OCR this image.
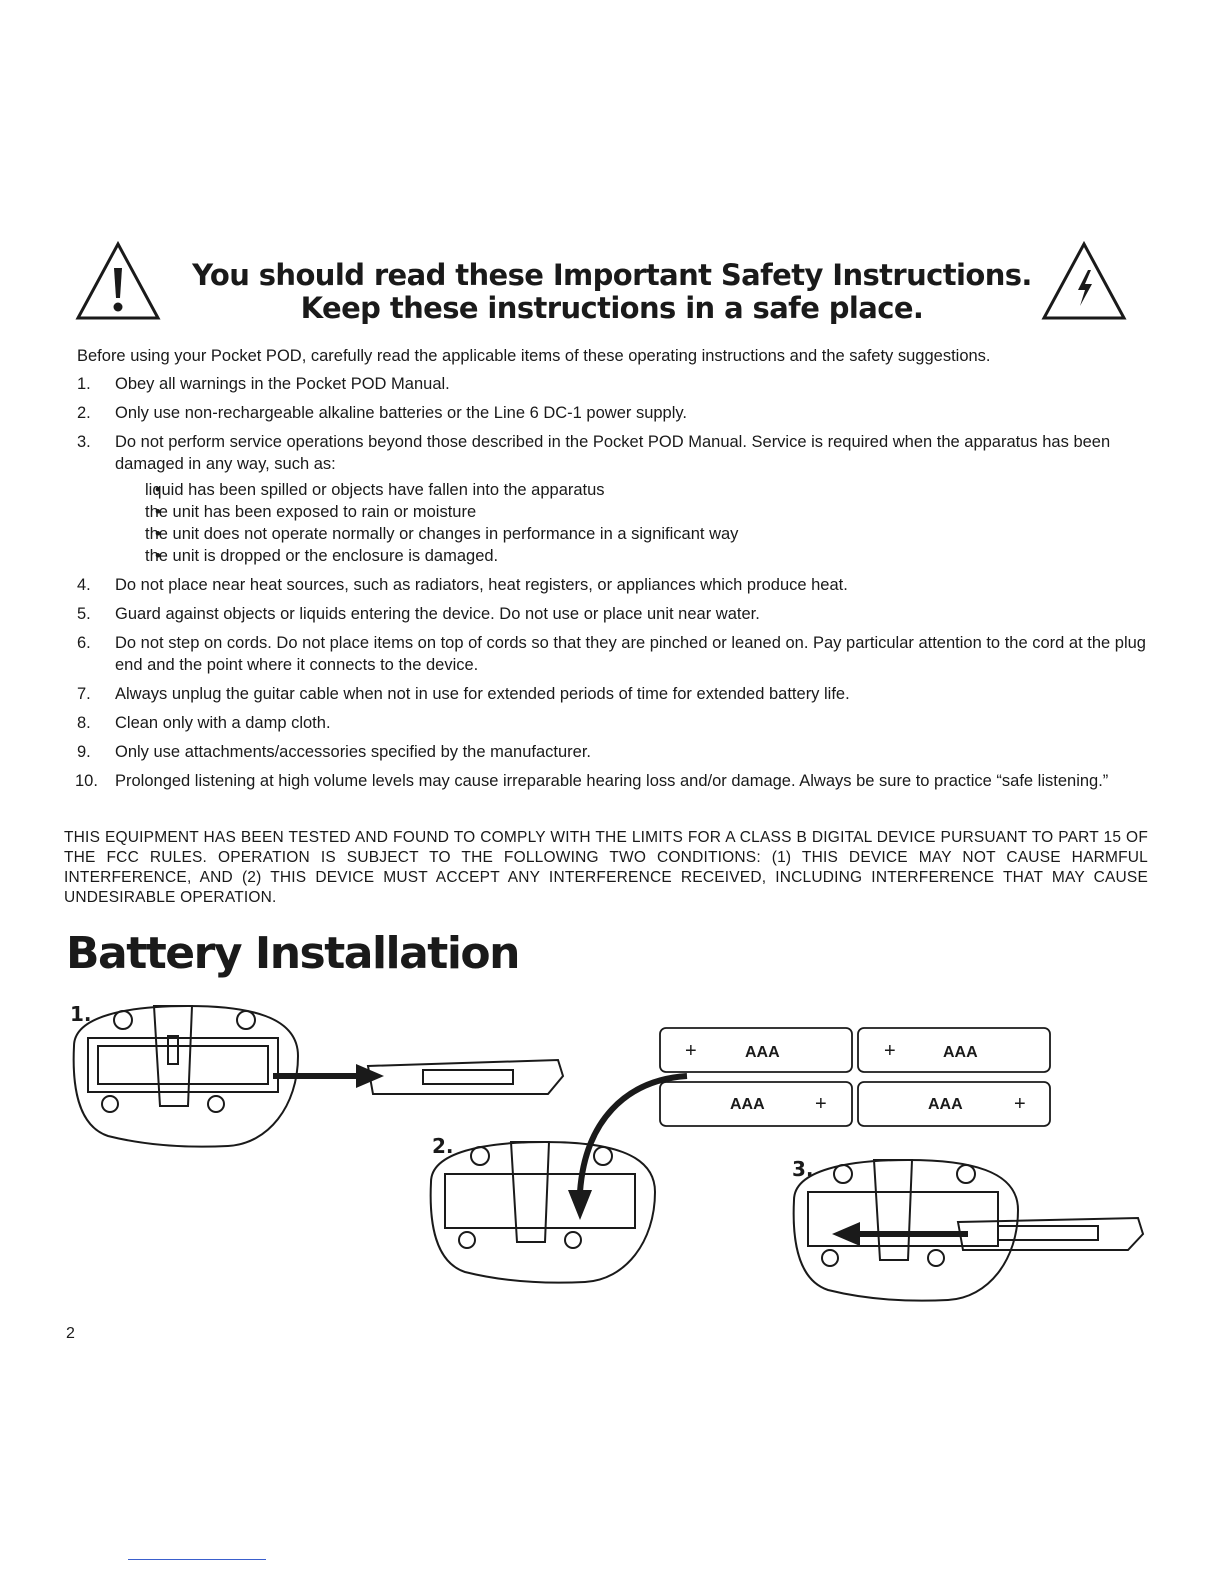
You should read these Important Safety Instructions.
Keep these instructions in a safe place.
Before using your Pocket POD, carefully read the applicable items of these operating instructions and the safety suggestions.
1.	Obey all warnings in the Pocket POD Manual.
2.	Only use non-rechargeable alkaline batteries or the Line 6 DC-1 power supply.
3.	Do not perform service operations beyond those described in the Pocket POD Manual. Service is required when the apparatus has been damaged in any way, such as:
• liquid has been spilled or objects have fallen into the apparatus
• the unit has been exposed to rain or moisture
• the unit does not operate normally or changes in performance in a significant way
• the unit is dropped or the enclosure is damaged.
4.	Do not place near heat sources, such as radiators, heat registers, or appliances which produce heat.
5.	Guard against objects or liquids entering the device. Do not use or place unit near water.
6.	Do not step on cords. Do not place items on top of cords so that they are pinched or leaned on. Pay particular attention to the cord at the plug end and the point where it connects to the device.
7.	Always unplug the guitar cable when not in use for extended periods of time for extended battery life.
8.	Clean only with a damp cloth.
9.	Only use attachments/accessories specified by the manufacturer.
10.	Prolonged listening at high volume levels may cause irreparable hearing loss and/or damage. Always be sure to practice “safe listening.”
THIS EQUIPMENT HAS BEEN TESTED AND FOUND TO COMPLY WITH THE LIMITS FOR A CLASS B DIGITAL DEVICE PURSUANT TO PART 15 OF THE FCC RULES. OPERATION IS SUBJECT TO THE FOLLOWING TWO CONDITIONS: (1) THIS DEVICE MAY NOT CAUSE HARMFUL INTERFERENCE, AND (2) THIS DEVICE MUST ACCEPT ANY INTERFERENCE RECEIVED, INCLUDING INTERFERENCE THAT MAY CAUSE UNDESIRABLE OPERATION.
Battery Installation
1.
2.
3.
+	AAA	+	AAA
AAA	+	AAA	+
2
